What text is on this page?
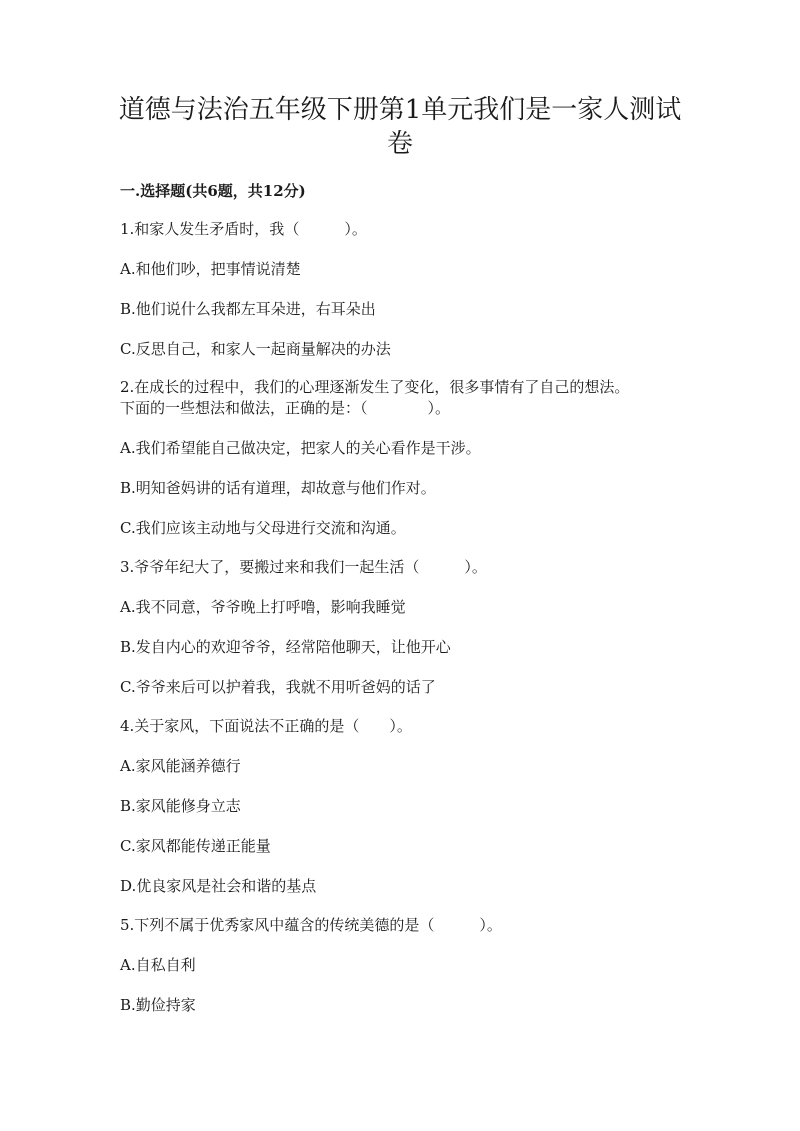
道德与法治五年级下册第1单元我们是一家人测试
卷
一.选择题(共6题，共12分)

1.和家人发生矛盾时，我（　　　）。

A.和他们吵，把事情说清楚

B.他们说什么我都左耳朵进，右耳朵出

C.反思自己，和家人一起商量解决的办法

2.在成长的过程中，我们的心理逐渐发生了变化，很多事情有了自己的想法。

下面的一些想法和做法，正确的是：（　　　　）。

A.我们希望能自己做决定，把家人的关心看作是干涉。

B.明知爸妈讲的话有道理，却故意与他们作对。

C.我们应该主动地与父母进行交流和沟通。

3.爷爷年纪大了，要搬过来和我们一起生活（　　　）。

A.我不同意，爷爷晚上打呼噜，影响我睡觉

B.发自内心的欢迎爷爷，经常陪他聊天，让他开心

C.爷爷来后可以护着我，我就不用听爸妈的话了

4.关于家风，下面说法不正确的是（　　）。

A.家风能涵养德行

B.家风能修身立志

C.家风都能传递正能量

D.优良家风是社会和谐的基点

5.下列不属于优秀家风中蕴含的传统美德的是（　　　）。

A.自私自利

B.勤俭持家
